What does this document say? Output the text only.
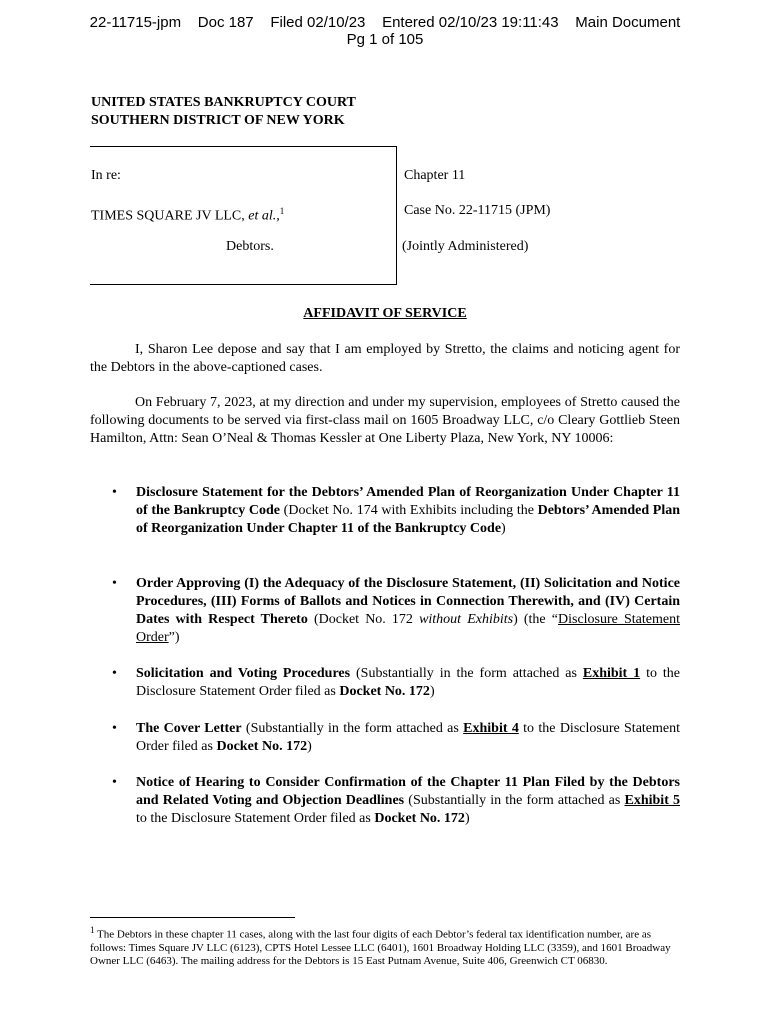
22-11715-jpm Doc 187 Filed 02/10/23 Entered 02/10/23 19:11:43 Main Document
Pg 1 of 105
UNITED STATES BANKRUPTCY COURT
SOUTHERN DISTRICT OF NEW YORK
In re:
TIMES SQUARE JV LLC, et al.,$^1$
Debtors.
Chapter 11
Case No. 22-11715 (JPM)
(Jointly Administered)
AFFIDAVIT OF SERVICE

I, Sharon Lee depose and say that I am employed by Stretto, the claims and noticing agent for the Debtors in the above-captioned cases.

On February 7, 2023, at my direction and under my supervision, employees of Stretto caused the following documents to be served via first-class mail on 1605 Broadway LLC, c/o Cleary Gottlieb Steen Hamilton, Attn: Sean O’Neal & Thomas Kessler at One Liberty Plaza, New York, NY 10006:

• Disclosure Statement for the Debtors’ Amended Plan of Reorganization Under Chapter 11 of the Bankruptcy Code (Docket No. 174 with Exhibits including the Debtors’ Amended Plan of Reorganization Under Chapter 11 of the Bankruptcy Code)
• Order Approving (I) the Adequacy of the Disclosure Statement, (II) Solicitation and Notice Procedures, (III) Forms of Ballots and Notices in Connection Therewith, and (IV) Certain Dates with Respect Thereto (Docket No. 172 without Exhibits) (the “Disclosure Statement Order”)
• Solicitation and Voting Procedures (Substantially in the form attached as Exhibit 1 to the Disclosure Statement Order filed as Docket No. 172)
• The Cover Letter (Substantially in the form attached as Exhibit 4 to the Disclosure Statement Order filed as Docket No. 172)
• Notice of Hearing to Consider Confirmation of the Chapter 11 Plan Filed by the Debtors and Related Voting and Objection Deadlines (Substantially in the form attached as Exhibit 5 to the Disclosure Statement Order filed as Docket No. 172)
$^1$ The Debtors in these chapter 11 cases, along with the last four digits of each Debtor’s federal tax identification number, are as follows: Times Square JV LLC (6123), CPTS Hotel Lessee LLC (6401), 1601 Broadway Holding LLC (3359), and 1601 Broadway Owner LLC (6463). The mailing address for the Debtors is 15 East Putnam Avenue, Suite 406, Greenwich CT 06830.
